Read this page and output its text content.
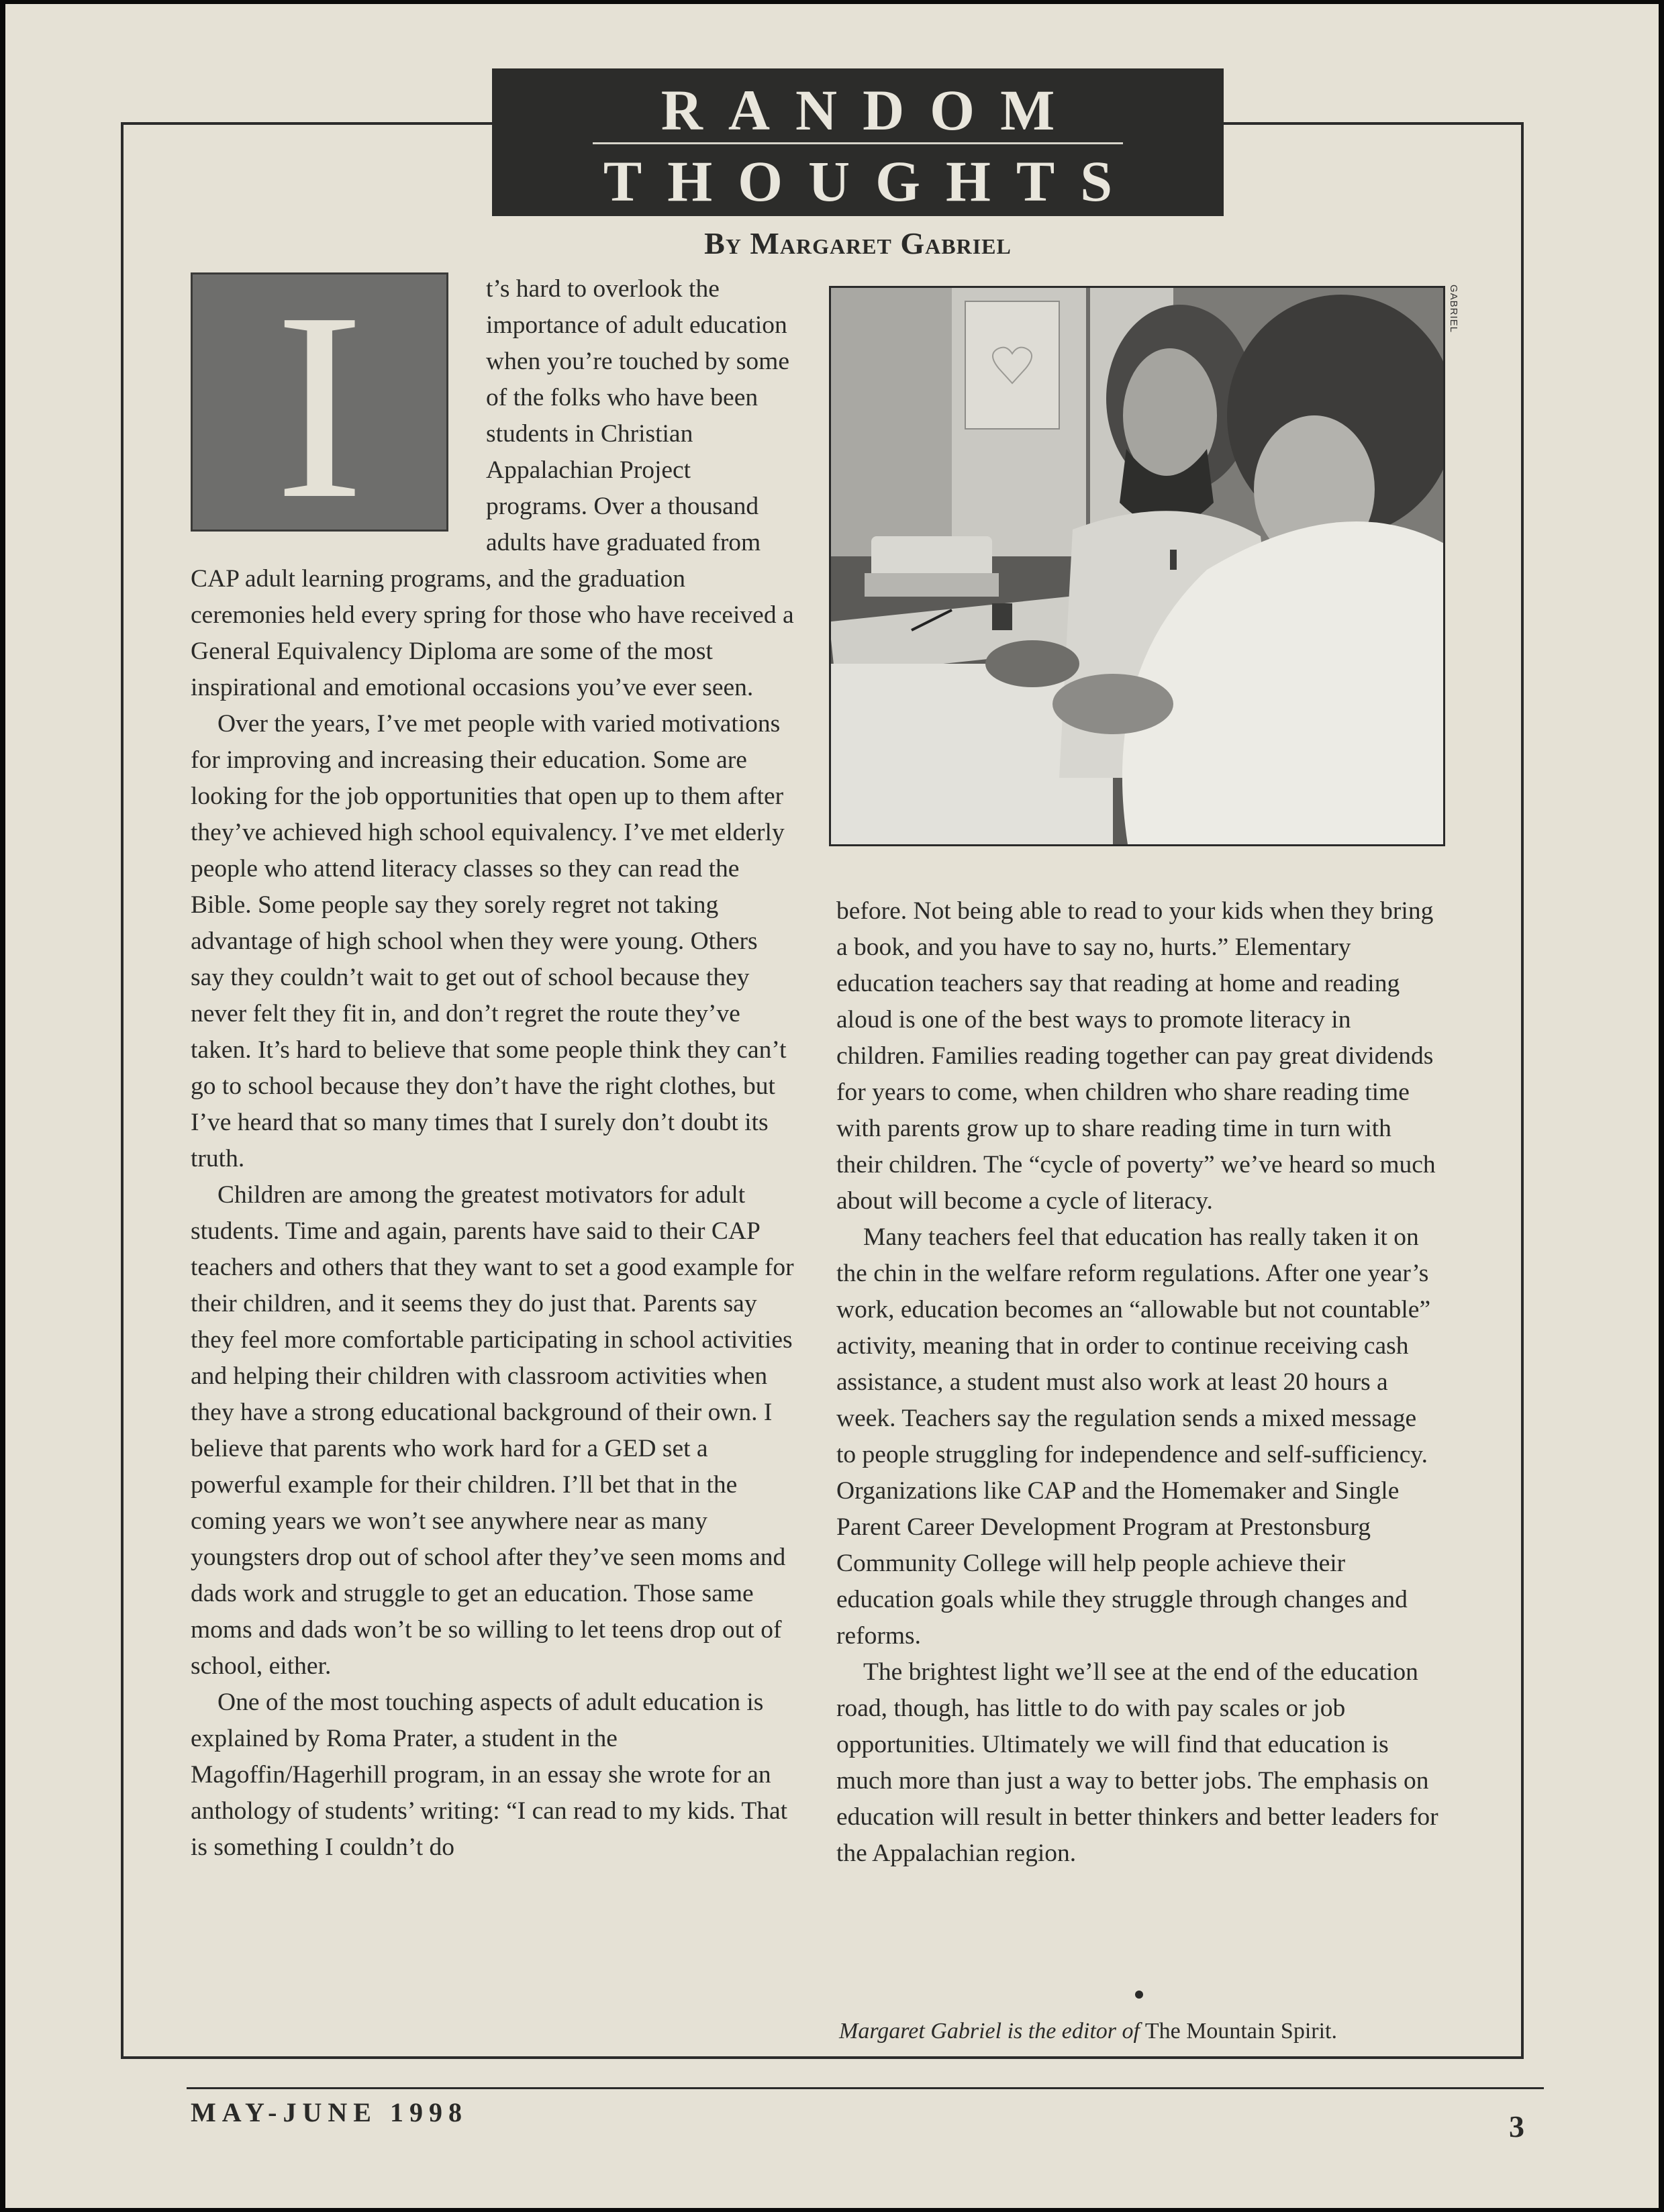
RANDOM
THOUGHTS
By Margaret Gabriel
I	t’s hard to overlook the importance of adult education when you’re touched by some of the folks who have been students in Christian Appalachian Project programs. Over a thousand adults have graduated from CAP adult learning programs, and the graduation ceremonies held every spring for those who have received a General Equivalency Diploma are some of the most inspirational and emotional occasions you’ve ever seen.

Over the years, I’ve met people with varied motivations for improving and increasing their education. Some are looking for the job opportunities that open up to them after they’ve achieved high school equivalency. I’ve met elderly people who attend literacy classes so they can read the Bible. Some people say they sorely regret not taking advantage of high school when they were young. Others say they couldn’t wait to get out of school because they never felt they fit in, and don’t regret the route they’ve taken. It’s hard to believe that some people think they can’t go to school because they don’t have the right clothes, but I’ve heard that so many times that I surely don’t doubt its truth.

Children are among the greatest motivators for adult students. Time and again, parents have said to their CAP teachers and others that they want to set a good example for their children, and it seems they do just that. Parents say they feel more comfortable participating in school activities and helping their children with classroom activities when they have a strong educational background of their own. I believe that parents who work hard for a GED set a powerful example for their children. I’ll bet that in the coming years we won’t see anywhere near as many youngsters drop out of school after they’ve seen moms and dads work and struggle to get an education. Those same moms and dads won’t be so willing to let teens drop out of school, either.

One of the most touching aspects of adult education is explained by Roma Prater, a student in the Magoffin/Hagerhill program, in an essay she wrote for an anthology of students’ writing: “I can read to my kids. That is something I couldn’t do

GABRIEL

before. Not being able to read to your kids when they bring a book, and you have to say no, hurts.” Elementary education teachers say that reading at home and reading aloud is one of the best ways to promote literacy in children. Families reading together can pay great dividends for years to come, when children who share reading time with parents grow up to share reading time in turn with their children. The “cycle of poverty” we’ve heard so much about will become a cycle of literacy.

Many teachers feel that education has really taken it on the chin in the welfare reform regulations. After one year’s work, education becomes an “allowable but not countable” activity, meaning that in order to continue receiving cash assistance, a student must also work at least 20 hours a week. Teachers say the regulation sends a mixed message to people struggling for independence and self-sufficiency. Organizations like CAP and the Homemaker and Single Parent Career Development Program at Prestonsburg Community College will help people achieve their education goals while they struggle through changes and reforms.

The brightest light we’ll see at the end of the education road, though, has little to do with pay scales or job opportunities. Ultimately we will find that education is much more than just a way to better jobs. The emphasis on education will result in better thinkers and better leaders for the Appalachian region.

Margaret Gabriel is the editor of The Mountain Spirit.
MAY-JUNE 1998	3
